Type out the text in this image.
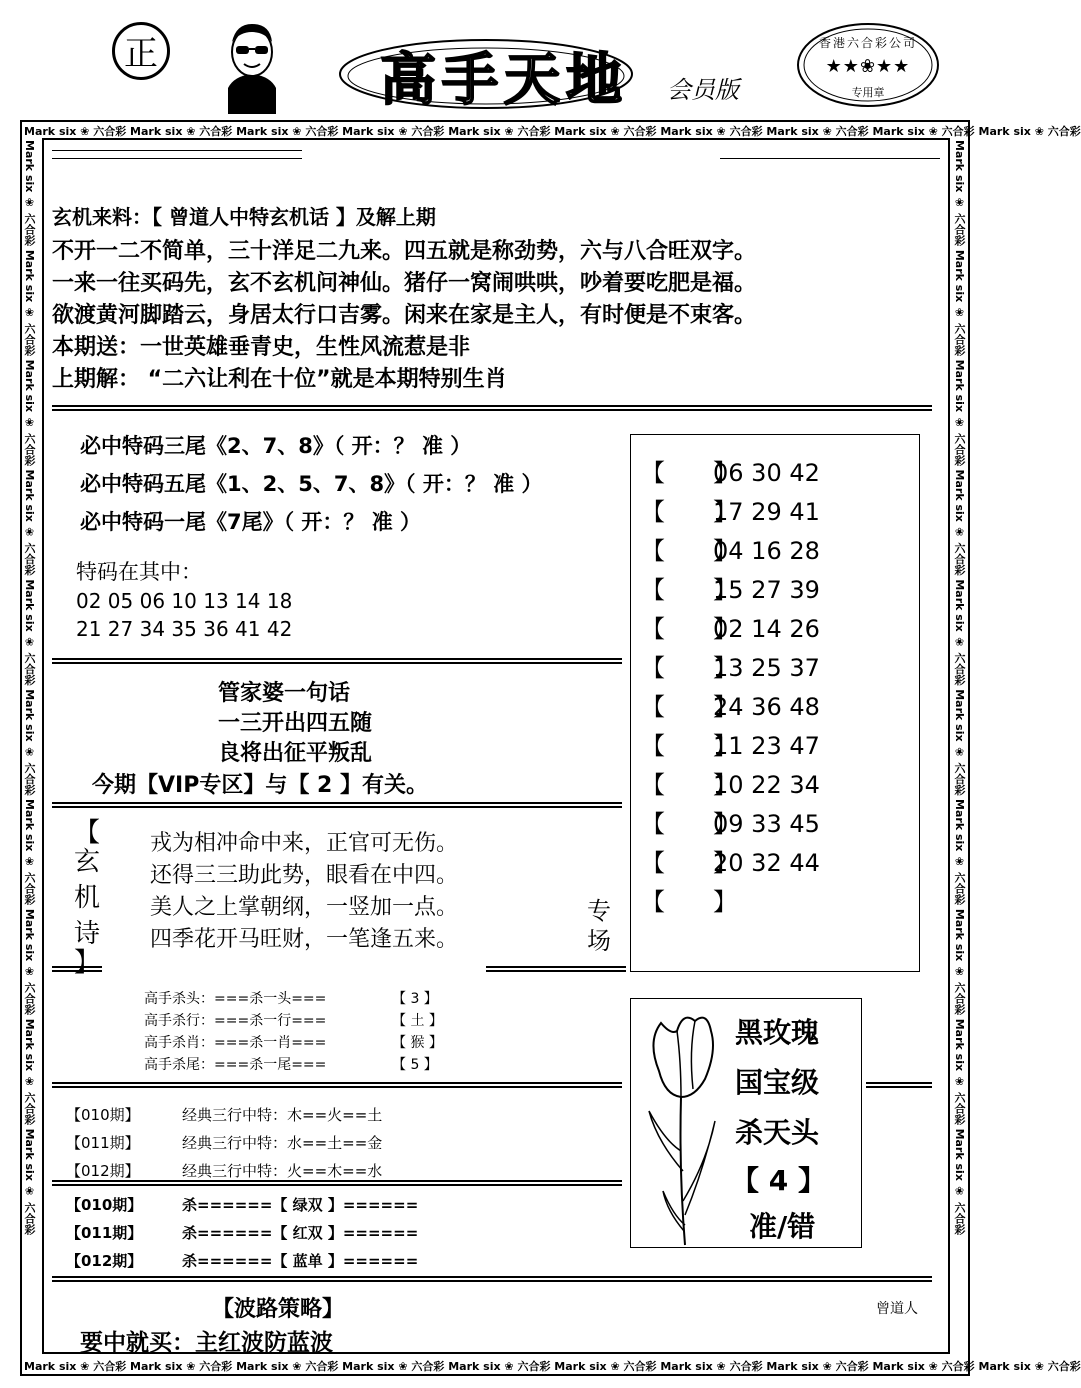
正	高手天地 会员版
香港六合彩公司
★★❀★★
专用章
Mark six ❀ 六合彩 Mark six ❀ 六合彩 Mark six ❀ 六合彩 Mark six ❀ 六合彩 Mark six ❀ 六合彩 Mark six ❀ 六合彩 Mark six ❀ 六合彩 Mark six ❀ 六合彩 Mark six ❀ 六合彩 Mark six ❀ 六合彩
Mark six ❀ 六合彩 Mark six ❀ 六合彩 Mark six ❀ 六合彩 Mark six ❀ 六合彩 Mark six ❀ 六合彩 Mark six ❀ 六合彩 Mark six ❀ 六合彩 Mark six ❀ 六合彩 Mark six ❀ 六合彩 Mark six ❀ 六合彩
Mark six ❀ 六合彩 Mark six ❀ 六合彩 Mark six ❀ 六合彩 Mark six ❀ 六合彩 Mark six ❀ 六合彩 Mark six ❀ 六合彩 Mark six ❀ 六合彩 Mark six ❀ 六合彩 Mark six ❀ 六合彩 Mark six ❀ 六合彩	Mark six ❀ 六合彩 Mark six ❀ 六合彩 Mark six ❀ 六合彩 Mark six ❀ 六合彩 Mark six ❀ 六合彩 Mark six ❀ 六合彩 Mark six ❀ 六合彩 Mark six ❀ 六合彩 Mark six ❀ 六合彩 Mark six ❀ 六合彩
玄机来料：【 曾道人中特玄机话 】及解上期
不开一二不简单，三十洋足二九来。四五就是称劲势，六与八合旺双字。
一来一往买码先，玄不玄机问神仙。猪仔一窝闹哄哄，吵着要吃肥是福。
欲渡黄河脚踏云，身居太行口吉雾。闲来在家是主人，有时便是不束客。
本期送：一世英雄垂青史，生性风流惹是非
上期解： “二六让利在十位”就是本期特别生肖
必中特码三尾《2、7、8》（ 开：？ 准 ）
必中特码五尾《1、2、5、7、8》（ 开：？ 准 ）
必中特码一尾《7尾》（ 开：？ 准 ）
特码在其中：
02 05 06 10 13 14 18
21 27 34 35 36 41 42
【　　】06 30 42
【　　】17 29 41
【　　】04 16 28
【　　】15 27 39
【　　】02 14 26
【　　】13 25 37
【　　】24 36 48
【　　】11 23 47
【　　】10 22 34
【　　】09 33 45
【　　】20 32 44
【　　】
管家婆一句话
一三开出四五随
良将出征平叛乱
今期【VIP专区】与【 2 】有关。
【
玄
机
诗
】
戎为相冲命中来，正官可无伤。
还得三三助此势，眼看在中四。
美人之上掌朝纲，一竖加一点。
四季花开马旺财，一笔逢五来。
专
场
高手杀头：===杀一头===	【 3 】
高手杀行：===杀一行===	【 土 】
高手杀肖：===杀一肖===	【 猴 】
高手杀尾：===杀一尾===	【 5 】
黑玫瑰
国宝级
杀天头
【 4 】
准/错
【010期】	经典三行中特：木==火==土
【011期】	经典三行中特：水==土==金
【012期】	经典三行中特：火==木==水
【010期】	杀======【 绿双 】======
【011期】	杀======【 红双 】======
【012期】	杀======【 蓝单 】======
【波路策略】
要中就买：主红波防蓝波
曾道人
